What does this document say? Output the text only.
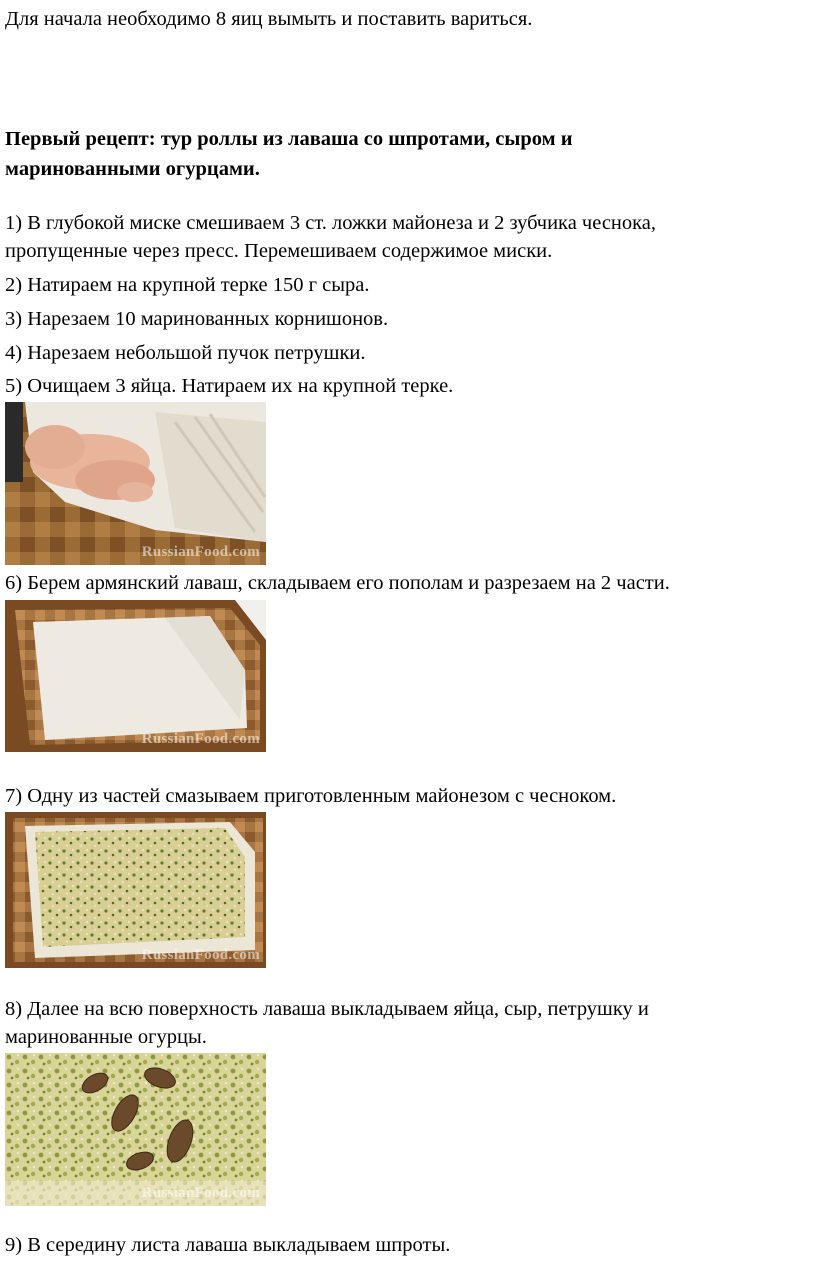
Для начала необходимо 8 яиц вымыть и поставить вариться.
Первый рецепт: тур роллы из лаваша со шпротами, сыром и
маринованными огурцами.
1) В глубокой миске смешиваем 3 ст. ложки майонеза и 2 зубчика чеснока,
пропущенные через пресс. Перемешиваем содержимое миски.
2) Натираем на крупной терке 150 г сыра.
3) Нарезаем 10 маринованных корнишонов.
4) Нарезаем небольшой пучок петрушки.
5) Очищаем 3 яйца. Натираем их на крупной терке.
RussianFood.com
6) Берем армянский лаваш, складываем его пополам и разрезаем на 2 части.
RussianFood.com
7) Одну из частей смазываем приготовленным майонезом с чесноком.
RussianFood.com
8) Далее на всю поверхность лаваша выкладываем яйца, сыр, петрушку и
маринованные огурцы.
RussianFood.com
9) В середину листа лаваша выкладываем шпроты.
